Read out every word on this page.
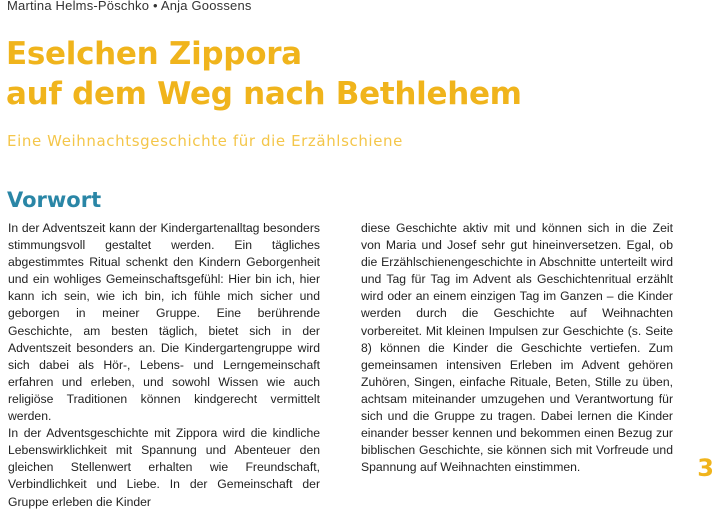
Martina Helms-Pöschko • Anja Goossens
Eselchen Zippora
auf dem Weg nach Bethlehem
Eine Weihnachtsgeschichte für die Erzählschiene
Vorwort

In der Adventszeit kann der Kindergartenalltag besonders stimmungsvoll gestaltet werden. Ein tägliches abgestimmtes Ritual schenkt den Kindern Geborgenheit und ein wohliges Gemeinschaftsgefühl: Hier bin ich, hier kann ich sein, wie ich bin, ich fühle mich sicher und geborgen in meiner Gruppe. Eine berührende Geschichte, am besten täglich, bietet sich in der Adventszeit besonders an. Die Kindergartengruppe wird sich dabei als Hör-, Lebens- und Lerngemeinschaft erfahren und erleben, und sowohl Wissen wie auch religiöse Traditionen können kindgerecht vermittelt werden.

In der Adventsgeschichte mit Zippora wird die kindliche Lebenswirklichkeit mit Spannung und Abenteuer den gleichen Stellenwert erhalten wie Freundschaft, Verbindlichkeit und Liebe. In der Gemeinschaft der Gruppe erleben die Kinder

diese Geschichte aktiv mit und können sich in die Zeit von Maria und Josef sehr gut hineinversetzen. Egal, ob die Erzählschienengeschichte in Abschnitte unterteilt wird und Tag für Tag im Advent als Geschichtenritual erzählt wird oder an einem einzigen Tag im Ganzen – die Kinder werden durch die Geschichte auf Weihnachten vorbereitet. Mit kleinen Impulsen zur Geschichte (s. Seite 8) können die Kinder die Geschichte vertiefen. Zum gemeinsamen intensiven Erleben im Advent gehören Zuhören, Singen, einfache Rituale, Beten, Stille zu üben, achtsam miteinander umzugehen und Verantwortung für sich und die Gruppe zu tragen. Dabei lernen die Kinder einander besser kennen und bekommen einen Bezug zur biblischen Geschichte, sie können sich mit Vorfreude und Spannung auf Weihnachten einstimmen.	3
